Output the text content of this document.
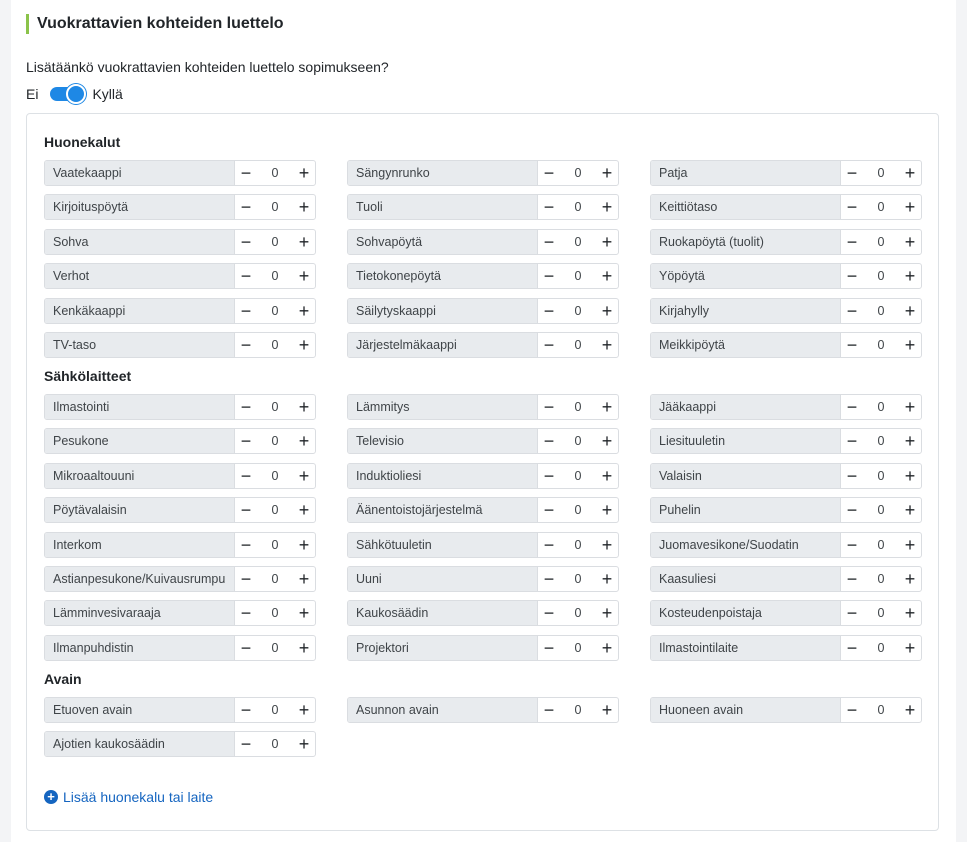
Vuokrattavien kohteiden luettelo
Lisätäänkö vuokrattavien kohteiden luettelo sopimukseen?
Ei	Kyllä
+ Lisää huonekalu tai laite
Huonekalut
Vaatekaappi	−	0	+	Sängynrunko	−	0	+	Patja	−	0	+
Kirjoituspöytä	−	0	+	Tuoli	−	0	+	Keittiötaso	−	0	+
Sohva	−	0	+	Sohvapöytä	−	0	+	Ruokapöytä (tuolit)	−	0	+
Verhot	−	0	+	Tietokonepöytä	−	0	+	Yöpöytä	−	0	+
Kenkäkaappi	−	0	+	Säilytyskaappi	−	0	+	Kirjahylly	−	0	+
TV-taso	−	0	+	Järjestelmäkaappi	−	0	+	Meikkipöytä	−	0	+
Sähkölaitteet
Ilmastointi	−	0	+	Lämmitys	−	0	+	Jääkaappi	−	0	+
Pesukone	−	0	+	Televisio	−	0	+	Liesituuletin	−	0	+
Mikroaaltouuni	−	0	+	Induktioliesi	−	0	+	Valaisin	−	0	+
Pöytävalaisin	−	0	+	Äänentoistojärjestelmä	−	0	+	Puhelin	−	0	+
Interkom	−	0	+	Sähkötuuletin	−	0	+	Juomavesikone/Suodatin	−	0	+
Astianpesukone/Kuivausrumpu −	0	+	Uuni	−	0	+	Kaasuliesi	−	0	+
Lämminvesivaraaja	−	0	+	Kaukosäädin	−	0	+	Kosteudenpoistaja	−	0	+
Ilmanpuhdistin	−	0	+	Projektori	−	0	+	Ilmastointilaite	−	0	+
Avain
Etuoven avain	−	0	+	Asunnon avain	−	0	+	Huoneen avain	−	0	+
Ajotien kaukosäädin	−	0	+
